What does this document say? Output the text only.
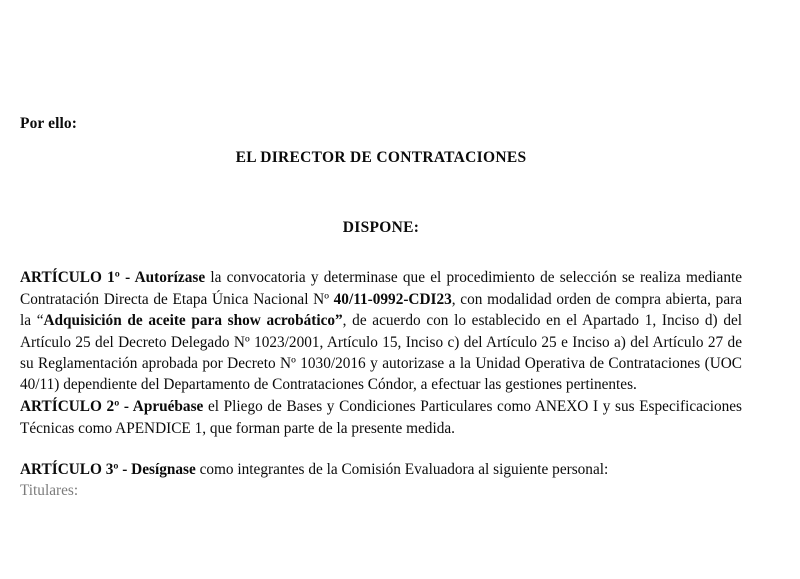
Por ello:
EL DIRECTOR DE CONTRATACIONES
DISPONE:

ARTÍCULO 1º - Autorízase la convocatoria y determinase que el procedimiento de selección se realiza mediante Contratación Directa de Etapa Única Nacional Nº 40/11-0992-CDI23, con modalidad orden de compra abierta, para la “Adquisición de aceite para show acrobático”, de acuerdo con lo establecido en el Apartado 1, Inciso d) del Artículo 25 del Decreto Delegado Nº 1023/2001, Artículo 15, Inciso c) del Artículo 25 e Inciso a) del Artículo 27 de su Reglamentación aprobada por Decreto Nº 1030/2016 y autorizase a la Unidad Operativa de Contrataciones (UOC 40/11) dependiente del Departamento de Contrataciones Cóndor, a efectuar las gestiones pertinentes.

ARTÍCULO 2º - Apruébase el Pliego de Bases y Condiciones Particulares como ANEXO I y sus Especificaciones Técnicas como APENDICE 1, que forman parte de la presente medida.

ARTÍCULO 3º - Desígnase como integrantes de la Comisión Evaluadora al siguiente personal:

Titulares:
